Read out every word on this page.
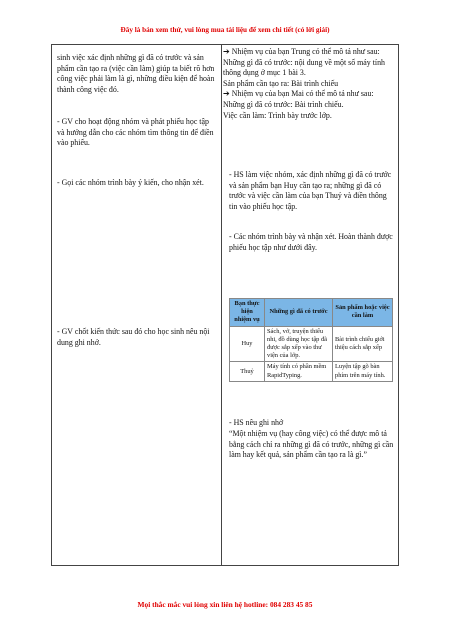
Đây là bản xem thử, vui lòng mua tài liệu để xem chi tiết (có lời giải)
sinh việc xác định những gì đã có trước và sản phẩm cần tạo ra (việc cần làm) giúp ta biết rõ hơn công việc phải làm là gì, những điều kiện để hoàn thành công việc đó.
- GV cho hoạt động nhóm và phát phiếu học tập và hướng dẫn cho các nhóm tìm thông tin để điền vào phiếu.
- Gọi các nhóm trình bày ý kiến, cho nhận xét.
- GV chốt kiến thức sau đó cho học sinh nêu nội dung ghi nhớ.

➔ Nhiệm vụ của bạn Trung có thể mô tả như sau:
Những gì đã có trước: nội dung về một số máy tính thông dụng ở mục 1 bài 3.
Sản phẩm cần tạo ra: Bài trình chiếu
➔ Nhiệm vụ của bạn Mai có thể mô tả như sau:
Những gì đã có trước: Bài trình chiếu.
Việc cần làm: Trình bày trước lớp.
- HS làm việc nhóm, xác định những gì đã có trước và sản phẩm bạn Huy cần tạo ra; những gì đã có trước và việc cần làm của bạn Thuỷ và điền thông tin vào phiếu học tập.
- Các nhóm trình bày và nhận xét. Hoàn thành được phiếu học tập như dưới đây.
Bạn thực hiện nhiệm vụ	Những gì đã có trước	Sản phẩm hoặc việc cần làm
Huy	Sách, vở, truyện thiếu nhi, đồ dùng học tập đã được sắp xếp vào thư viện của lớp.	Bài trình chiếu giới thiệu cách sắp xếp
Thuỷ	Máy tính có phần mềm RapidTyping.	Luyện tập gõ bàn phím trên máy tính.
- HS nêu ghi nhớ
“Một nhiệm vụ (hay công việc) có thể được mô tả bằng cách chỉ ra những gì đã có trước, những gì cần làm hay kết quả, sản phẩm cần tạo ra là gì.”
Mọi thắc mắc vui lòng xin liên hệ hotline: 084 283 45 85
